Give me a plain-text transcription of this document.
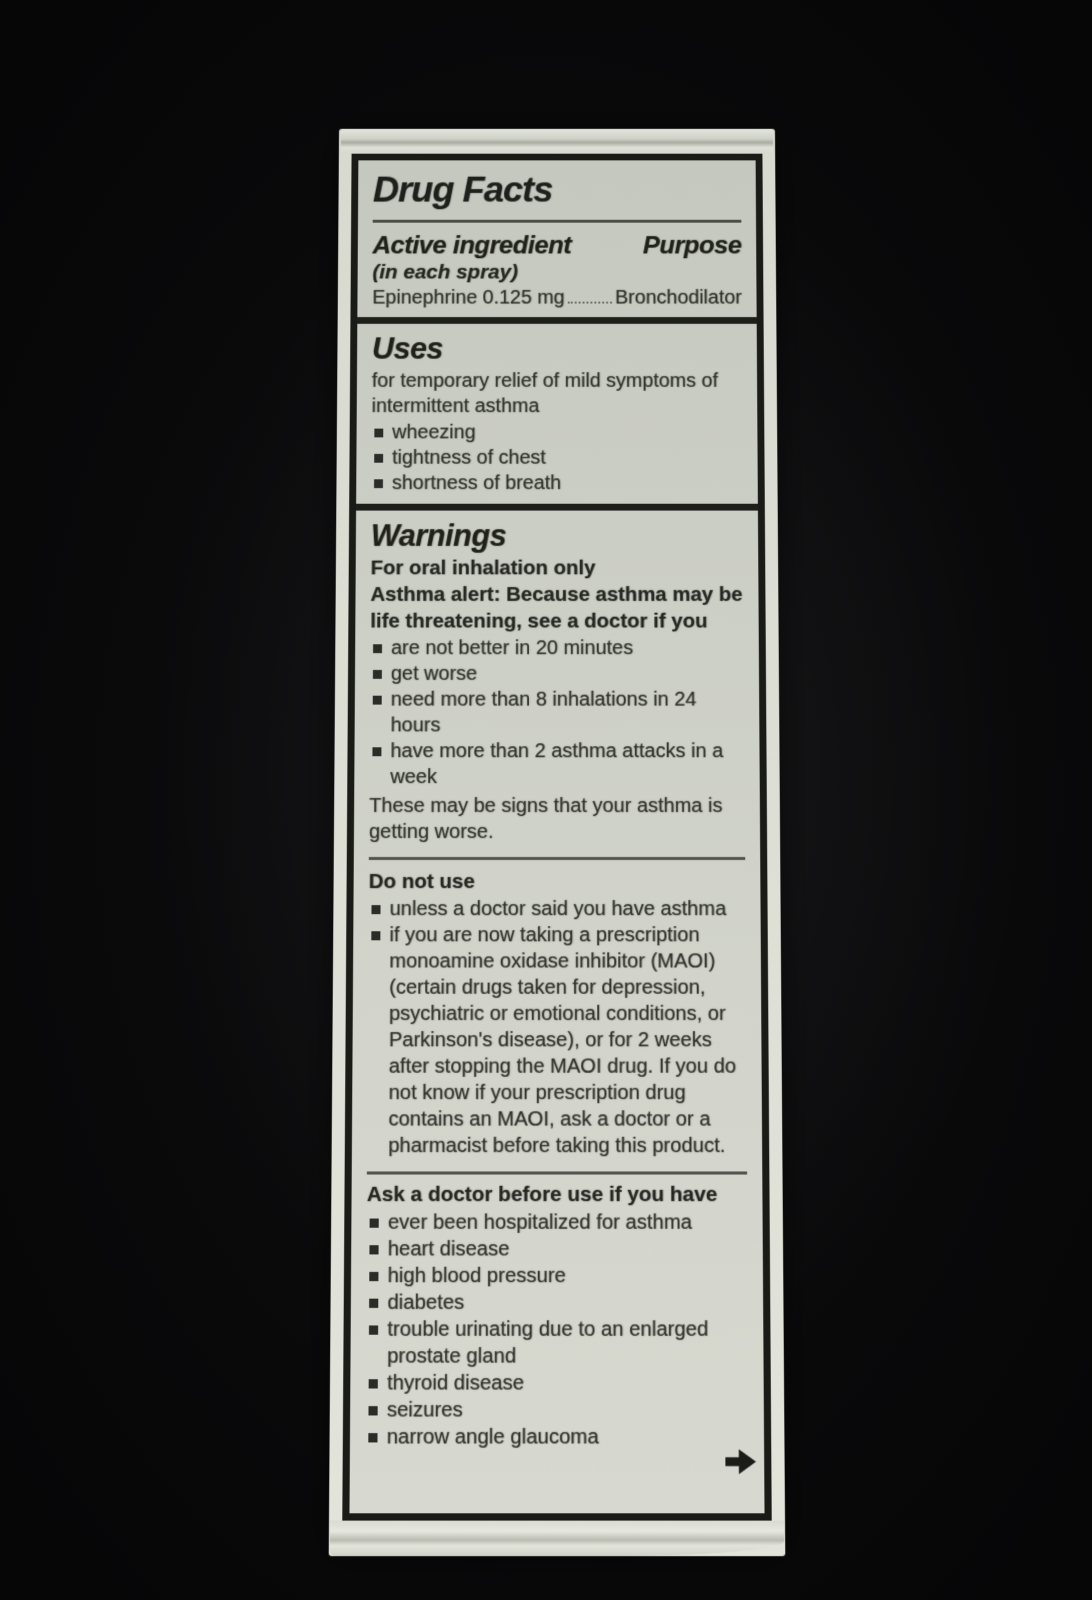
Drug Facts
Active ingredient	Purpose
(in each spray)
Epinephrine 0.125 mg	Bronchodilator
Uses
for temporary relief of mild symptoms of intermittent asthma
wheezing
tightness of chest
shortness of breath
Warnings
For oral inhalation only
Asthma alert: Because asthma may be life threatening, see a doctor if you
are not better in 20 minutes
get worse
need more than 8 inhalations in 24 hours
have more than 2 asthma attacks in a week
These may be signs that your asthma is getting worse.
Do not use
unless a doctor said you have asthma
if you are now taking a prescription monoamine oxidase inhibitor (MAOI) (certain drugs taken for depression, psychiatric or emotional conditions, or Parkinson's disease), or for 2 weeks after stopping the MAOI drug. If you do not know if your prescription drug contains an MAOI, ask a doctor or a pharmacist before taking this product.
Ask a doctor before use if you have
ever been hospitalized for asthma
heart disease
high blood pressure
diabetes
trouble urinating due to an enlarged prostate gland
thyroid disease
seizures
narrow angle glaucoma
